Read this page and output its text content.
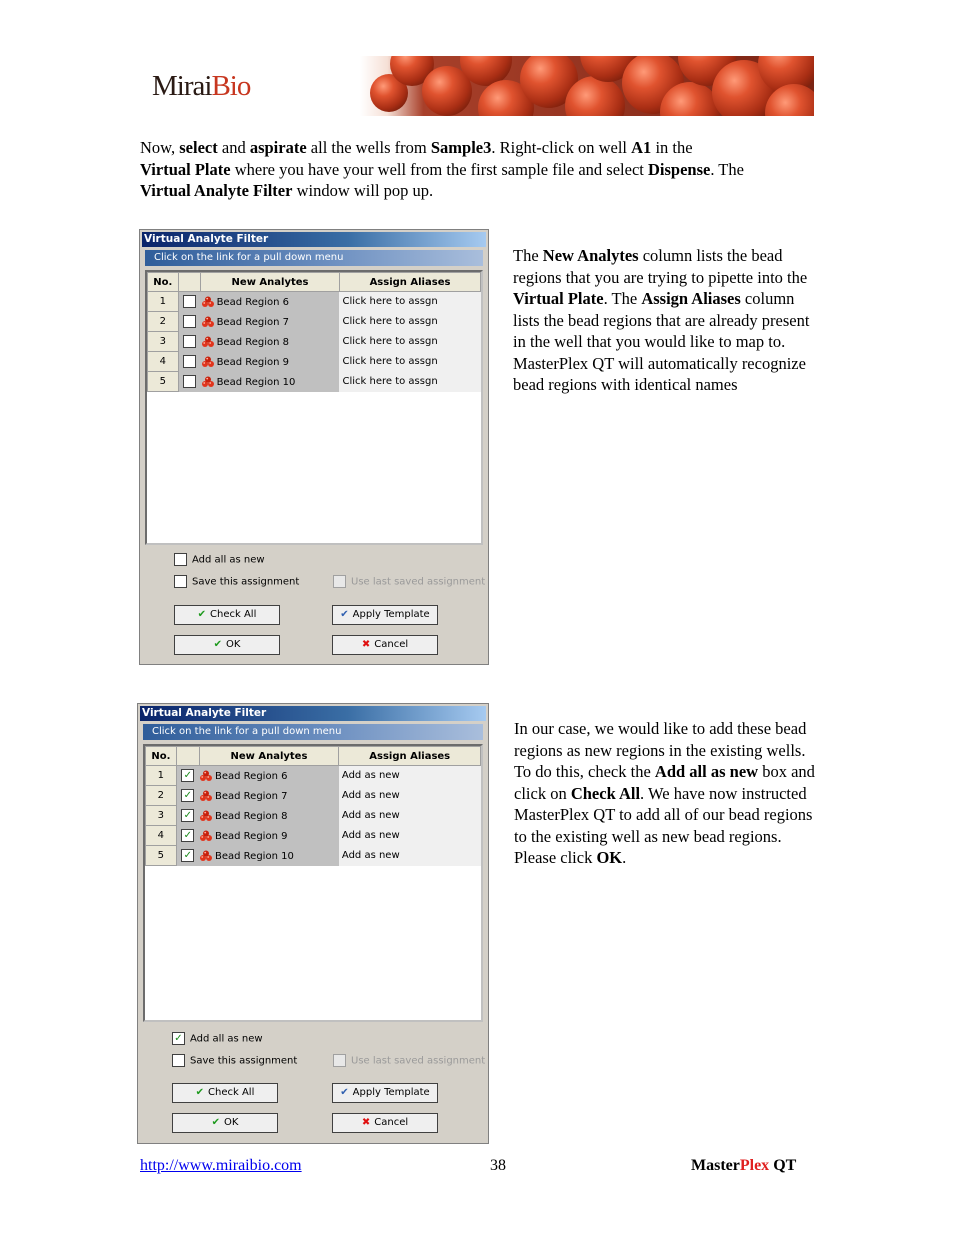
MiraiBio
Now, select and aspirate all the wells from Sample3. Right-click on well A1 in the
Virtual Plate where you have your well from the first sample file and select Dispense. The
Virtual Analyte Filter window will pop up.
Virtual Analyte Filter
Click on the link for a pull down menu
No.		New Analytes	Assign Aliases
1		Bead Region 6	Click here to assgn
2		Bead Region 7	Click here to assgn
3		Bead Region 8	Click here to assgn
4		Bead Region 9	Click here to assgn
5		Bead Region 10	Click here to assgn
Add all as new
Save this assignment	Use last saved assignment
✔ Check All	✔ Apply Template
✔ OK	✖ Cancel
The New Analytes column lists the bead regions that you are trying to pipette into the Virtual Plate. The Assign Aliases column lists the bead regions that are already present in the well that you would like to map to. MasterPlex QT will automatically recognize bead regions with identical names
Virtual Analyte Filter
Click on the link for a pull down menu
No.		New Analytes	Assign Aliases
1	✓	Bead Region 6	Add as new
2	✓	Bead Region 7	Add as new
3	✓	Bead Region 8	Add as new
4	✓	Bead Region 9	Add as new
5	✓	Bead Region 10	Add as new
✓ Add all as new
Save this assignment	Use last saved assignment
✔ Check All	✔ Apply Template
✔ OK	✖ Cancel
In our case, we would like to add these bead regions as new regions in the existing wells. To do this, check the Add all as new box and click on Check All. We have now instructed MasterPlex QT to add all of our bead regions to the existing well as new bead regions. Please click OK.
http://www.miraibio.com	38	MasterPlex QT
